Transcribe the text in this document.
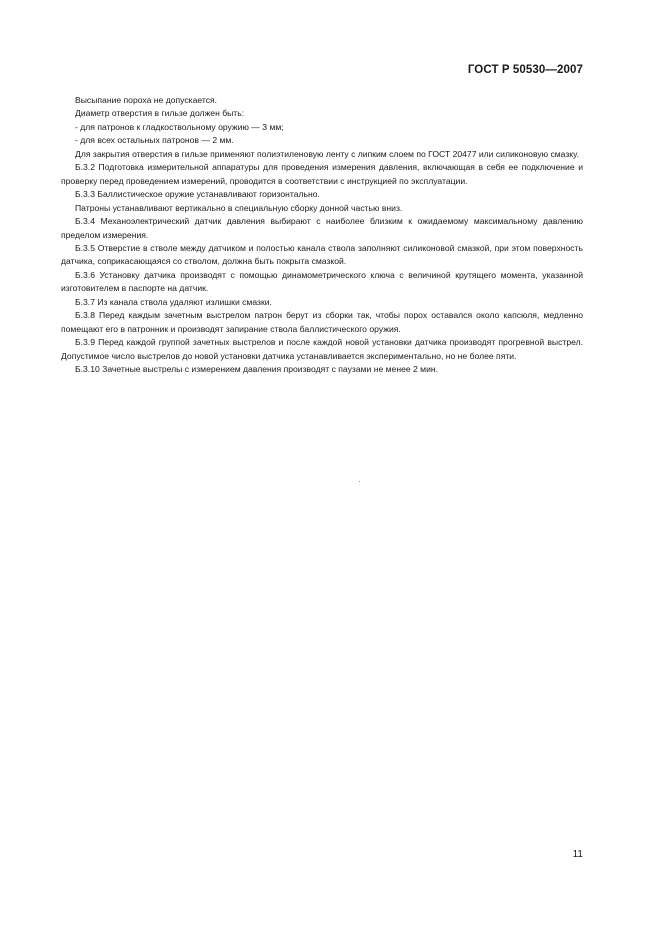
ГОСТ Р 50530—2007

Высыпание пороха не допускается.

Диаметр отверстия в гильзе должен быть:

- для патронов к гладкоствольному оружию — 3 мм;

- для всех остальных патронов — 2 мм.

Для закрытия отверстия в гильзе применяют полиэтиленовую ленту с липким слоем по ГОСТ 20477 или силиконовую смазку.

Б.3.2 Подготовка измерительной аппаратуры для проведения измерения давления, включающая в себя ее подключение и проверку перед проведением измерений, проводится в соответствии с инструкцией по эксплуатации.

Б.3.3 Баллистическое оружие устанавливают горизонтально.

Патроны устанавливают вертикально в специальную сборку донной частью вниз.

Б.3.4 Механоэлектрический датчик давления выбирают с наиболее близким к ожидаемому максимальному давлению пределом измерения.

Б.3.5 Отверстие в стволе между датчиком и полостью канала ствола заполняют силиконовой смазкой, при этом поверхность датчика, соприкасающаяся со стволом, должна быть покрыта смазкой.

Б.3.6 Установку датчика производят с помощью динамометрического ключа с величиной крутящего момента, указанной изготовителем в паспорте на датчик.

Б.3.7 Из канала ствола удаляют излишки смазки.

Б.3.8 Перед каждым зачетным выстрелом патрон берут из сборки так, чтобы порох оставался около капсюля, медленно помещают его в патронник и производят запирание ствола баллистического оружия.

Б.3.9 Перед каждой группой зачетных выстрелов и после каждой новой установки датчика производят прогревной выстрел. Допустимое число выстрелов до новой установки датчика устанавливается экспериментально, но не более пяти.

Б.3.10 Зачетные выстрелы с измерением давления производят с паузами не менее 2 мин.

11
